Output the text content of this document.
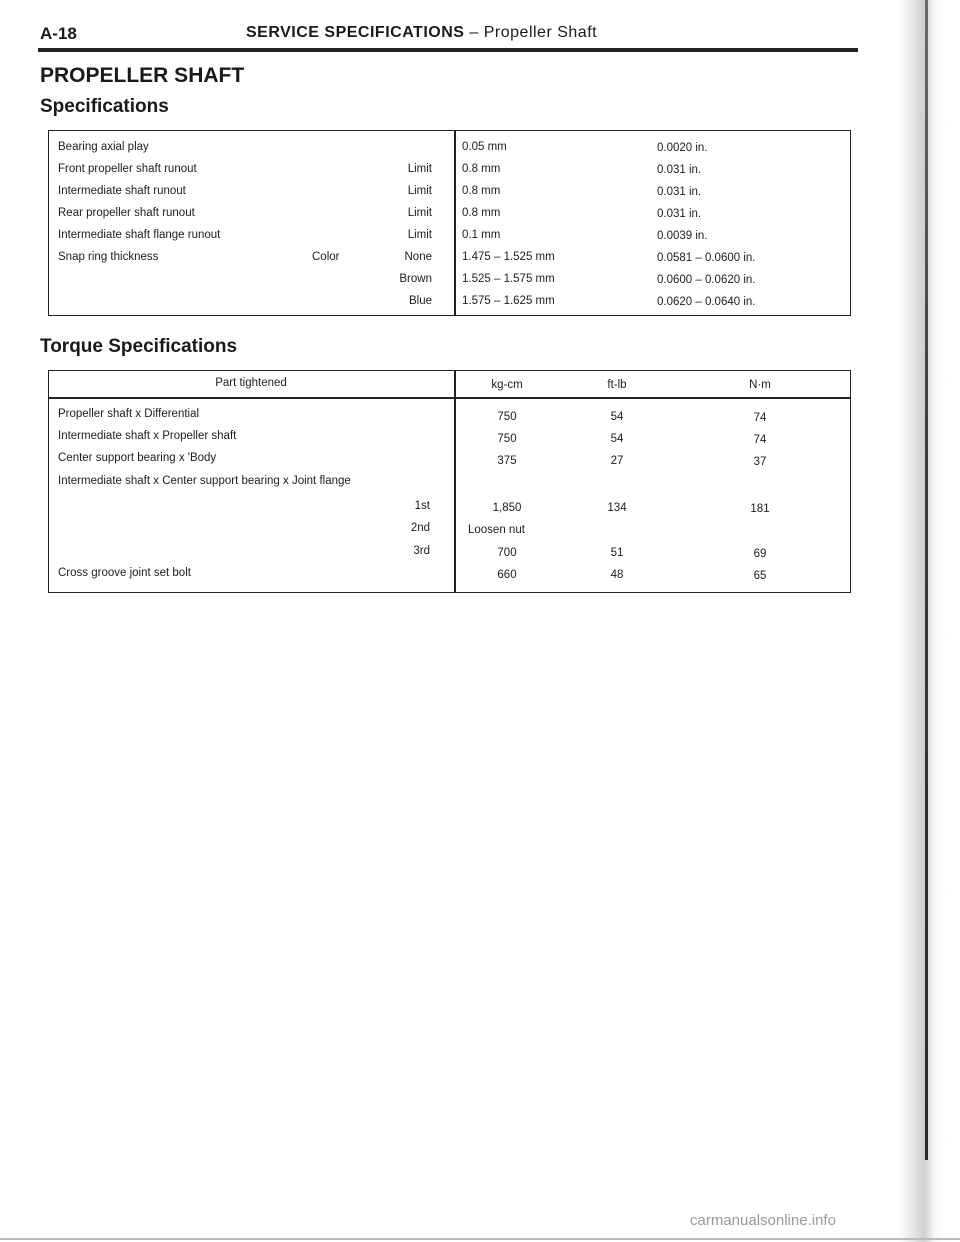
A-18	SERVICE SPECIFICATIONS – Propeller Shaft
PROPELLER SHAFT
Specifications
Bearing axial play	0.05 mm	0.0020 in.
Front propeller shaft runout	Limit	0.8 mm	0.031 in.
Intermediate shaft runout	Limit	0.8 mm	0.031 in.
Rear propeller shaft runout	Limit	0.8 mm	0.031 in.
Intermediate shaft flange runout	Limit	0.1 mm	0.0039 in.
Snap ring thickness	Color	None	1.475 – 1.525 mm	0.0581 – 0.0600 in.
Brown	1.525 – 1.575 mm	0.0600 – 0.0620 in.
Blue	1.575 – 1.625 mm	0.0620 – 0.0640 in.
Torque Specifications
Part tightened	kg-cm	ft-lb	N·m
Propeller shaft x Differential	750	54	74
Intermediate shaft x Propeller shaft	750	54	74
Center support bearing x 'Body	375	27	37
Intermediate shaft x Center support bearing x Joint flange
1st	1,850	134	181
2nd	Loosen nut
3rd	700	51	69
Cross groove joint set bolt	660	48	65
carmanualsonline.info
